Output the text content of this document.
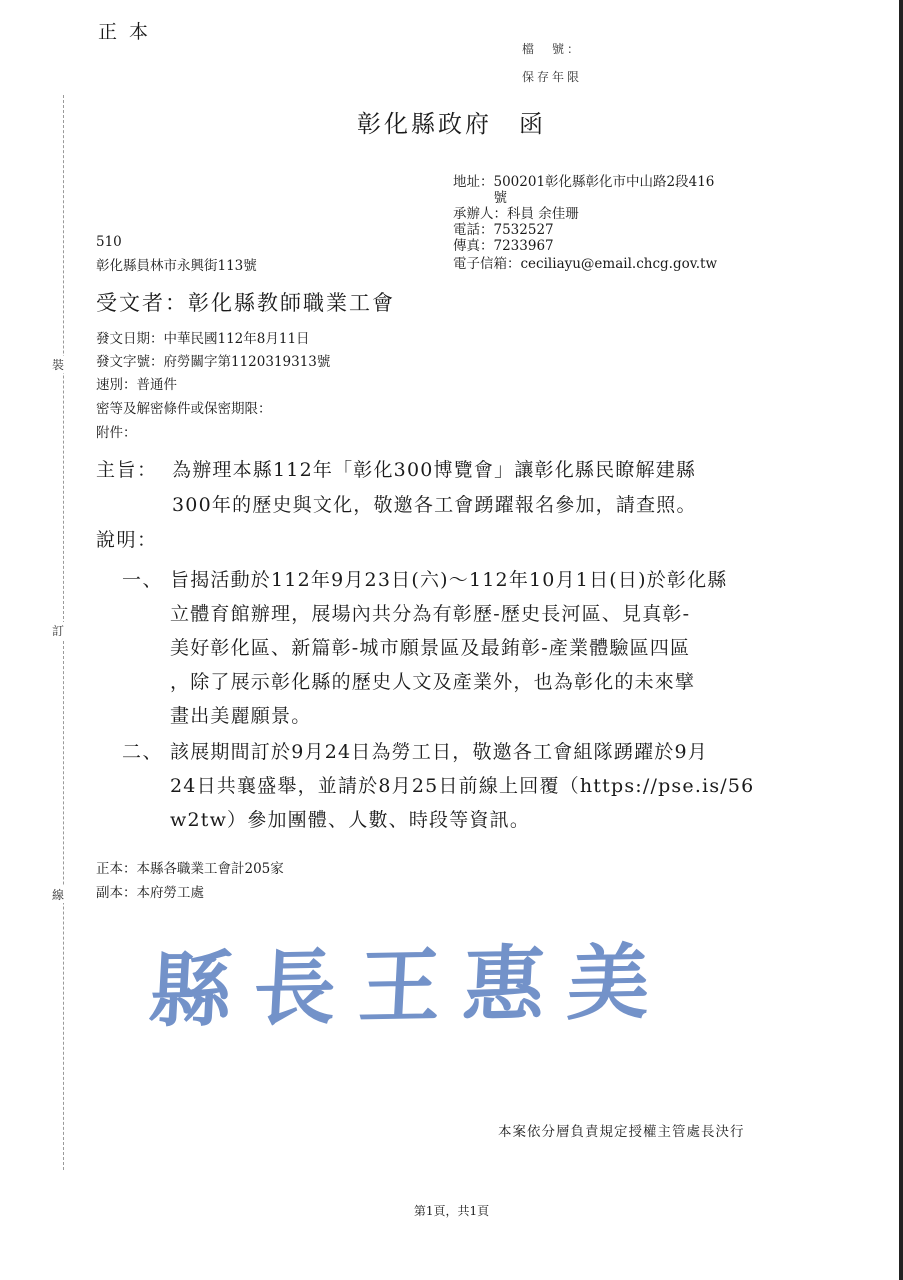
裝
訂
線
正本
檔　號：
保存年限
彰化縣政府　函
地址：500201彰化縣彰化市中山路2段416
　　　號
承辦人：科員 余佳珊
電話：7532527
傳真：7233967
電子信箱：ceciliayu@email.chcg.gov.tw
510
彰化縣員林市永興街113號
受文者：彰化縣教師職業工會
發文日期：中華民國112年8月11日
發文字號：府勞關字第1120319313號
速別：普通件
密等及解密條件或保密期限：
附件：
主旨： 為辦理本縣112年「彰化300博覽會」讓彰化縣民瞭解建縣
300年的歷史與文化，敬邀各工會踴躍報名參加，請查照。
說明：
一、 旨揭活動於112年9月23日(六)～112年10月1日(日)於彰化縣
立體育館辦理，展場內共分為有彰歷-歷史長河區、見真彰-
美好彰化區、新篇彰-城市願景區及最銪彰-產業體驗區四區
，除了展示彰化縣的歷史人文及產業外，也為彰化的未來擘
畫出美麗願景。
二、 該展期間訂於9月24日為勞工日，敬邀各工會組隊踴躍於9月
24日共襄盛舉，並請於8月25日前線上回覆（https://pse.is/56
w2tw）參加團體、人數、時段等資訊。
正本：本縣各職業工會計205家
副本：本府勞工處
縣 長 王 惠 美
本案依分層負責規定授權主管處長決行
第1頁，共1頁
